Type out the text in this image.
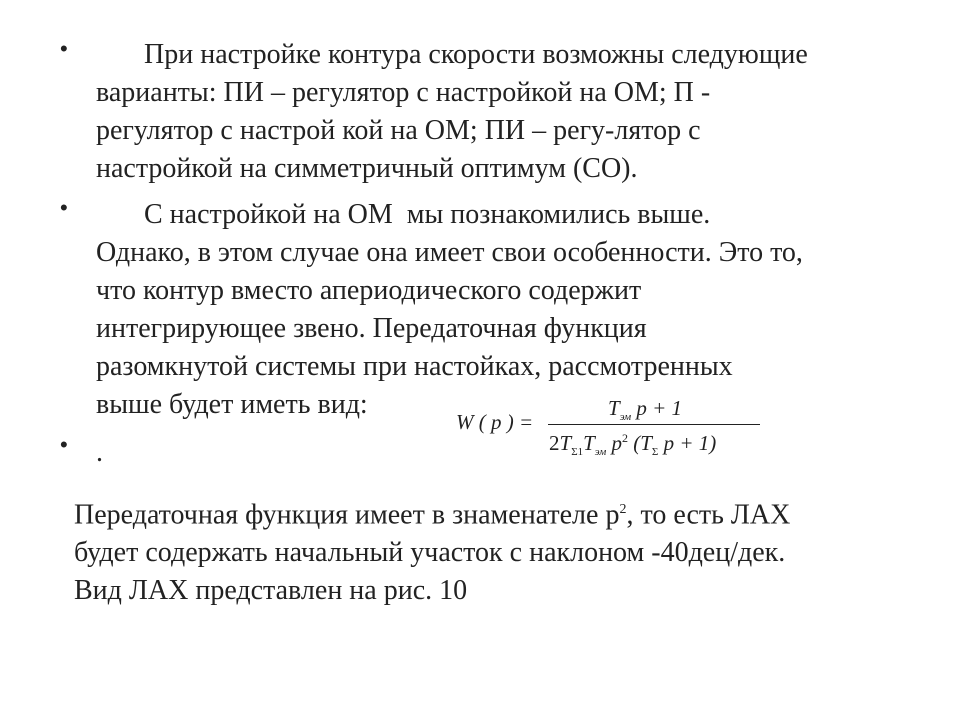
•	При настройке контура скорости возможны следующие
варианты: ПИ – регулятор с настройкой на ОМ; П -
регулятор с настрой кой на ОМ; ПИ – регу-лятор с
настройкой на симметричный оптимум (СО).

•	С настройкой на ОМ  мы познакомились выше.
Однако, в этом случае она имеет свои особенности. Это то,
что контур вместо апериодического содержит
интегрирующее звено. Передаточная функция
разомкнутой системы при настойках, рассмотренных
выше будет иметь вид:

W ( p ) =
$T_{эм}$ p + 1
$2T_{\Sigma 1}T_{эм}$ $p^2$ ($T_\Sigma$ p + 1)
• .

Передаточная функция имеет в знаменателе $p^2$, то есть ЛАХ
будет содержать начальный участок с наклоном -40дец/дек.
Вид ЛАХ представлен на рис. 10
